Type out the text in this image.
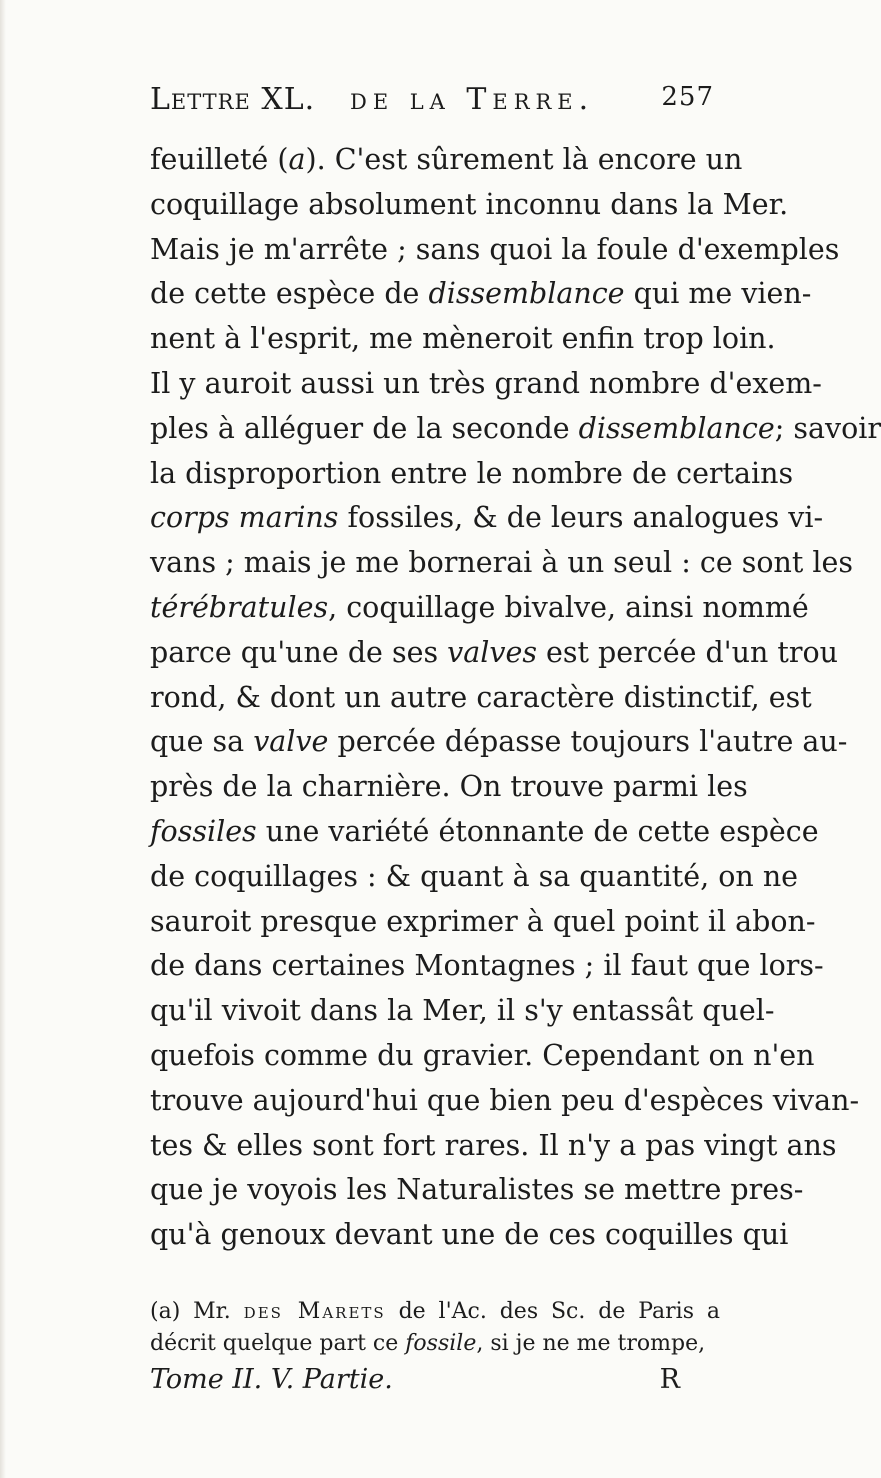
Lettre XL. de la Terre.	257
feuilleté (a). C'est sûrement là encore un
coquillage absolument inconnu dans la Mer.
Mais je m'arrête ; sans quoi la foule d'exemples
de cette espèce de dissemblance qui me vien-
nent à l'esprit, me mèneroit enfin trop loin.
Il y auroit aussi un très grand nombre d'exem-
ples à alléguer de la seconde dissemblance; savoir
la disproportion entre le nombre de certains
corps marins fossiles, & de leurs analogues vi-
vans ; mais je me bornerai à un seul : ce sont les
térébratules, coquillage bivalve, ainsi nommé
parce qu'une de ses valves est percée d'un trou
rond, & dont un autre caractère distinctif, est
que sa valve percée dépasse toujours l'autre au-
près de la charnière. On trouve parmi les
fossiles une variété étonnante de cette espèce
de coquillages : & quant à sa quantité, on ne
sauroit presque exprimer à quel point il abon-
de dans certaines Montagnes ; il faut que lors-
qu'il vivoit dans la Mer, il s'y entassât quel-
quefois comme du gravier. Cependant on n'en
trouve aujourd'hui que bien peu d'espèces vivan-
tes & elles sont fort rares. Il n'y a pas vingt ans
que je voyois les Naturalistes se mettre pres-
qu'à genoux devant une de ces coquilles qui
(a) Mr. des Marets de l'Ac. des Sc. de Paris a
décrit quelque part ce fossile, si je ne me trompe,
Tome II. V. Partie.	R
